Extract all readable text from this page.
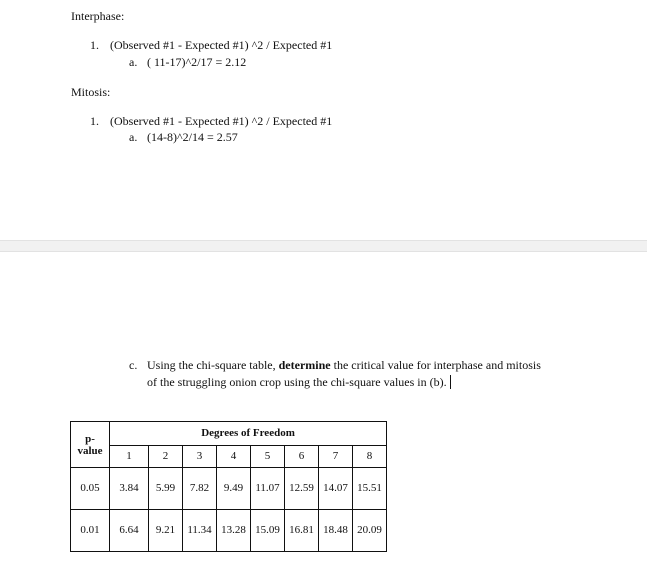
Interphase:
1. (Observed #1 - Expected #1) ^2 / Expected #1
a. ( 11-17)^2/17 = 2.12
Mitosis:
1. (Observed #1 - Expected #1) ^2 / Expected #1
a. (14-8)^2/14 = 2.57
c. Using the chi-square table, determine the critical value for interphase and mitosis
of the struggling onion crop using the chi-square values in (b).
p-
value	Degrees of Freedom							
	1	2	3	4	5	6	7	8
0.05	3.84	5.99	7.82	9.49	11.07	12.59	14.07	15.51
0.01	6.64	9.21	11.34	13.28	15.09	16.81	18.48	20.09
